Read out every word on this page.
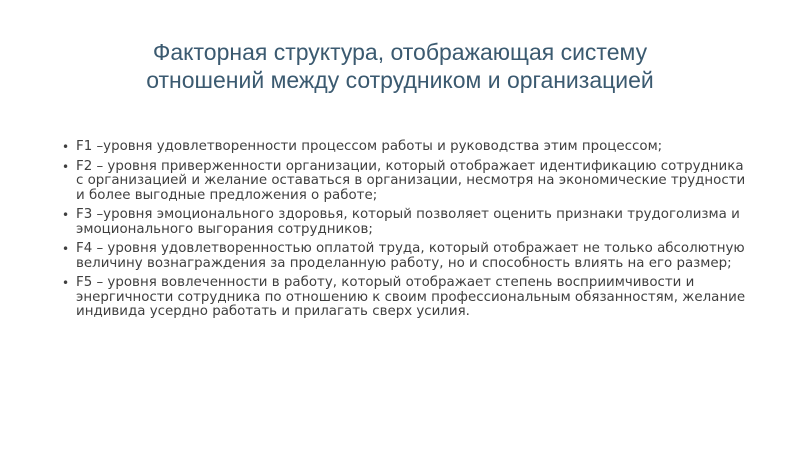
Факторная структура, отображающая систему
отношений между сотрудником и организацией
• F1 –уровня удовлетворенности процессом работы и руководства этим процессом;
• F2 – уровня приверженности организации, который отображает идентификацию сотрудника с организацией и желание оставаться в организации, несмотря на экономические трудности и более выгодные предложения о работе;
• F3 –уровня эмоционального здоровья, который позволяет оценить признаки трудоголизма и эмоционального выгорания сотрудников;
• F4 – уровня удовлетворенностью оплатой труда, который отображает не только абсолютную величину вознаграждения за проделанную работу, но и способность влиять на его размер;
• F5 – уровня вовлеченности в работу, который отображает степень восприимчивости и энергичности сотрудника по отношению к своим профессиональным обязанностям, желание индивида усердно работать и прилагать сверх усилия.
